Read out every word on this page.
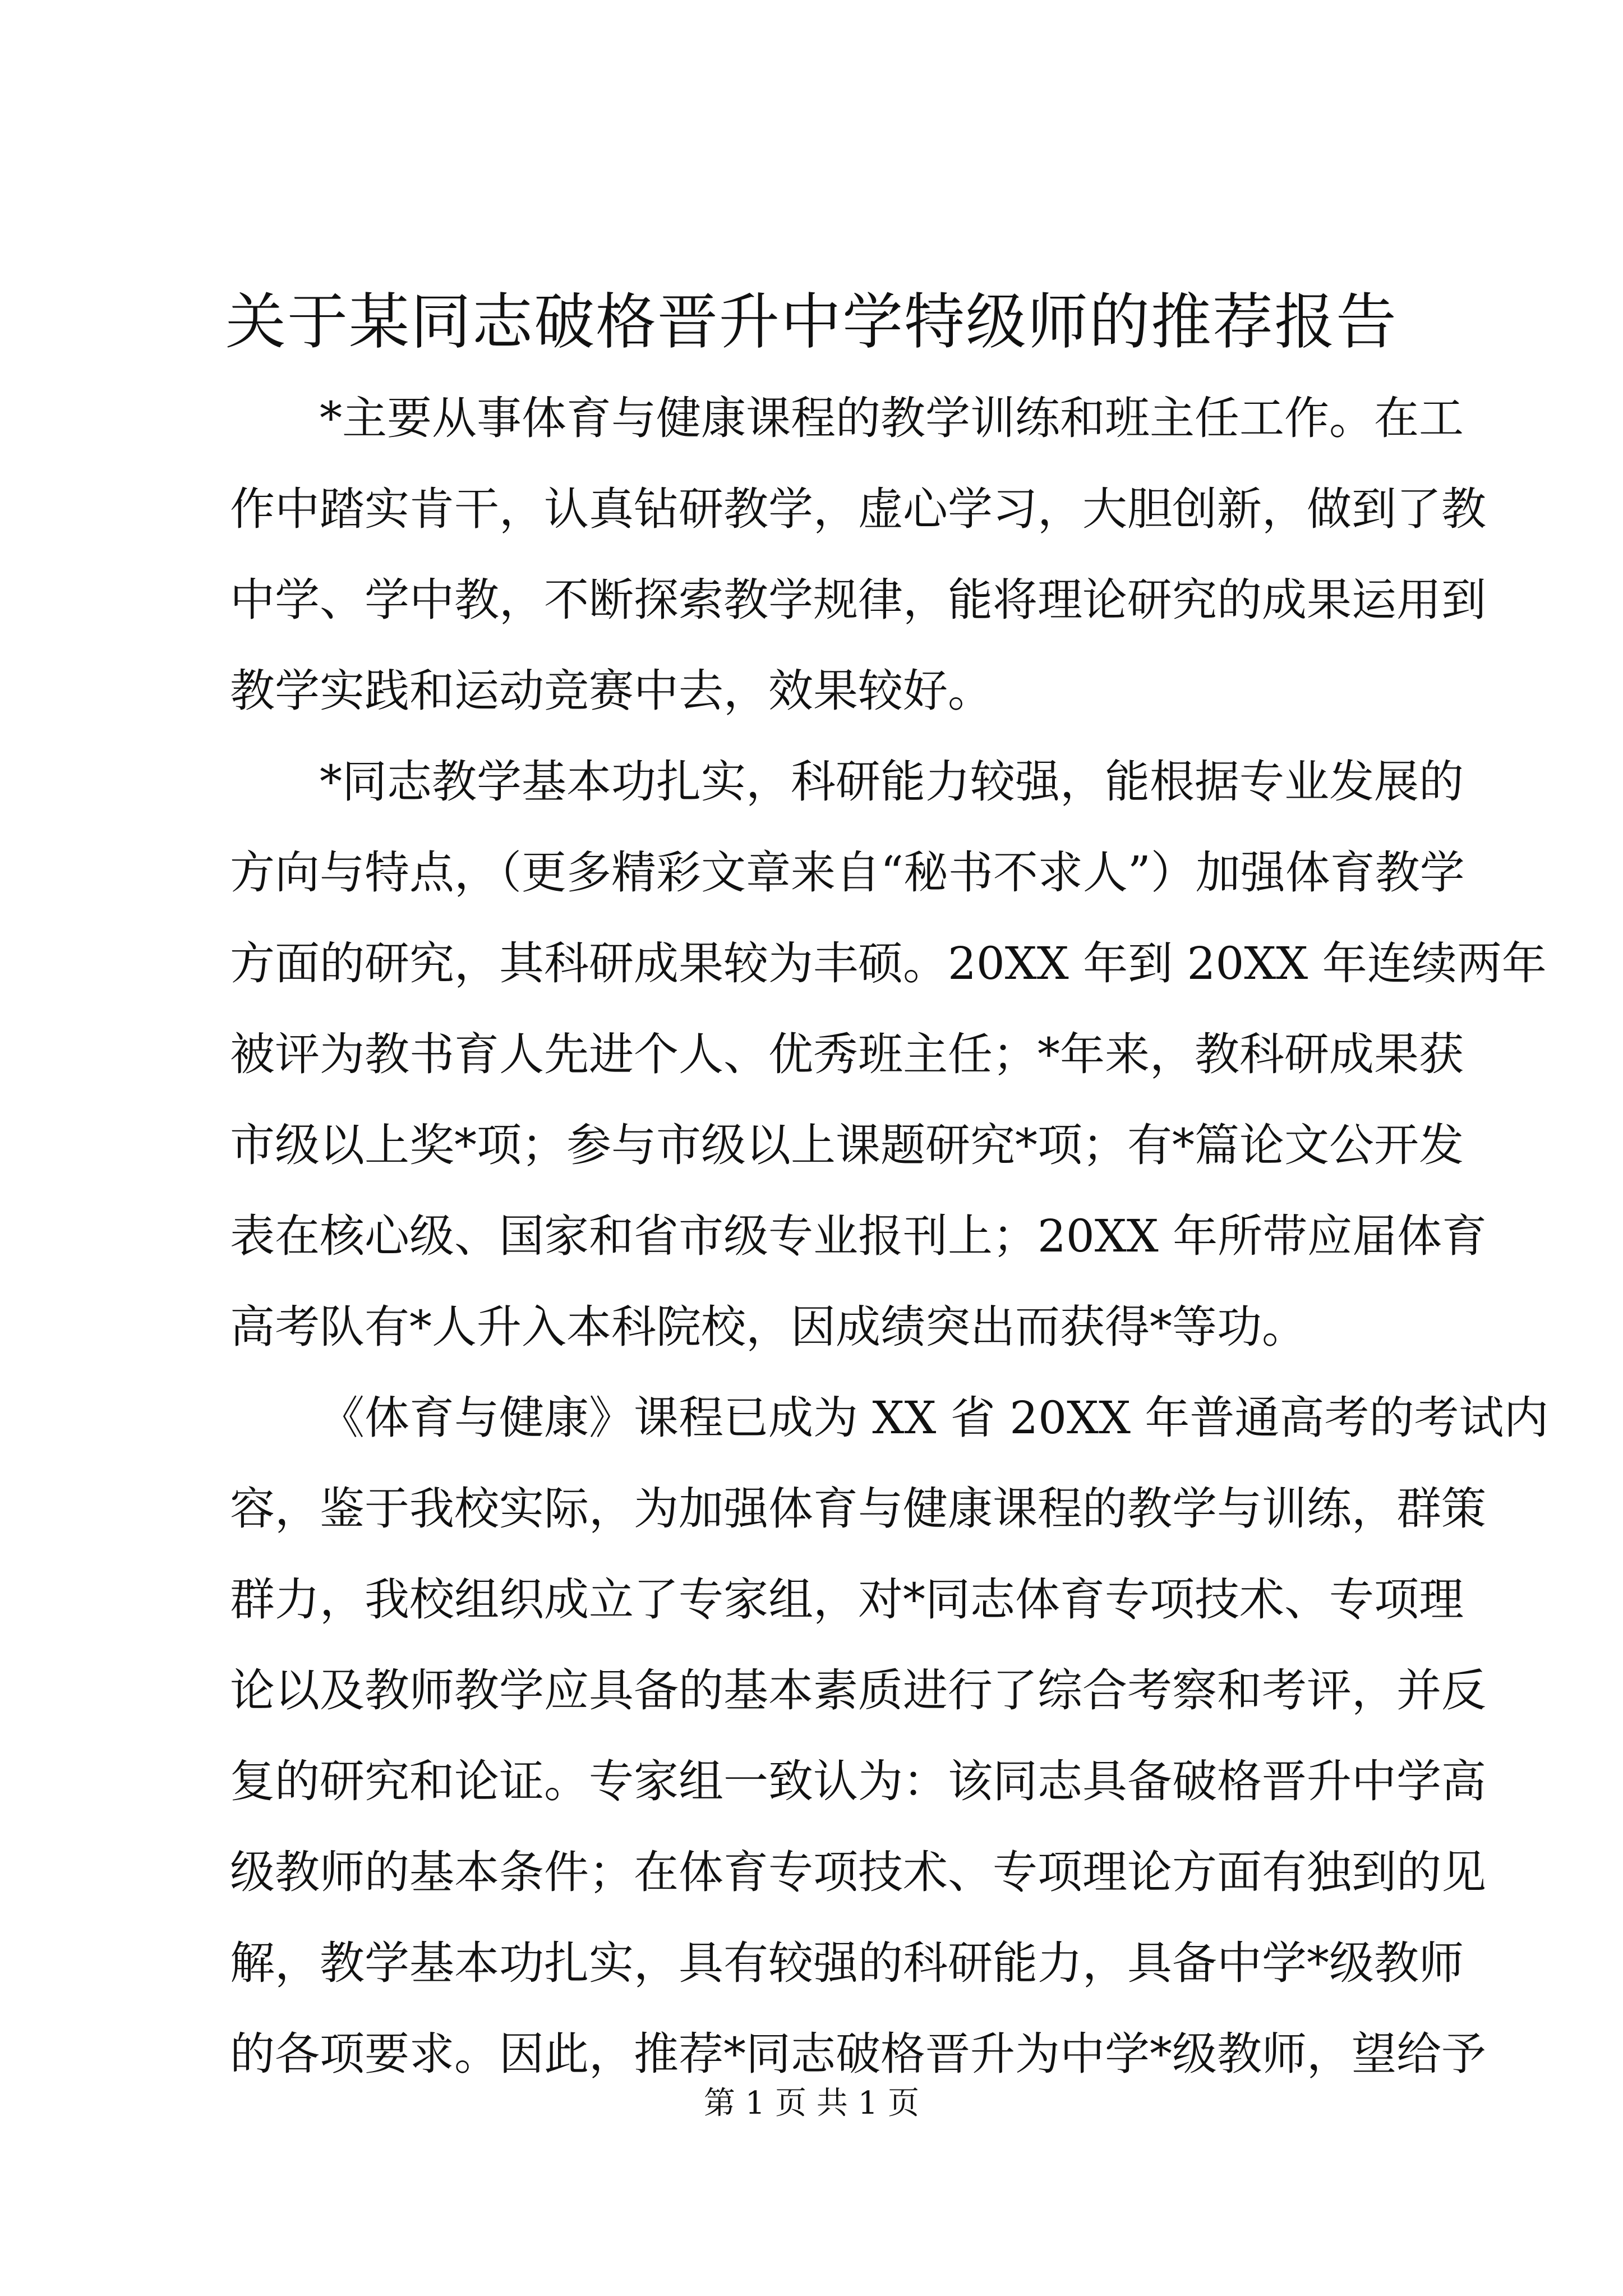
关于某同志破格晋升中学特级师的推荐报告
*主要从事体育与健康课程的教学训练和班主任工作。在工
作中踏实肯干，认真钻研教学，虚心学习，大胆创新，做到了教
中学、学中教，不断探索教学规律，能将理论研究的成果运用到
教学实践和运动竞赛中去，效果较好。
*同志教学基本功扎实，科研能力较强，能根据专业发展的
方向与特点，（更多精彩文章来自“秘书不求人”）加强体育教学
方面的研究，其科研成果较为丰硕。20XX 年到 20XX 年连续两年
被评为教书育人先进个人、优秀班主任；*年来，教科研成果获
市级以上奖*项；参与市级以上课题研究*项；有*篇论文公开发
表在核心级、国家和省市级专业报刊上；20XX 年所带应届体育
高考队有*人升入本科院校，因成绩突出而获得*等功。
《体育与健康》课程已成为 XX 省 20XX 年普通高考的考试内
容，鉴于我校实际，为加强体育与健康课程的教学与训练，群策
群力，我校组织成立了专家组，对*同志体育专项技术、专项理
论以及教师教学应具备的基本素质进行了综合考察和考评，并反
复的研究和论证。专家组一致认为：该同志具备破格晋升中学高
级教师的基本条件；在体育专项技术、专项理论方面有独到的见
解，教学基本功扎实，具有较强的科研能力，具备中学*级教师
的各项要求。因此，推荐*同志破格晋升为中学*级教师，望给予
第 1 页 共 1 页
